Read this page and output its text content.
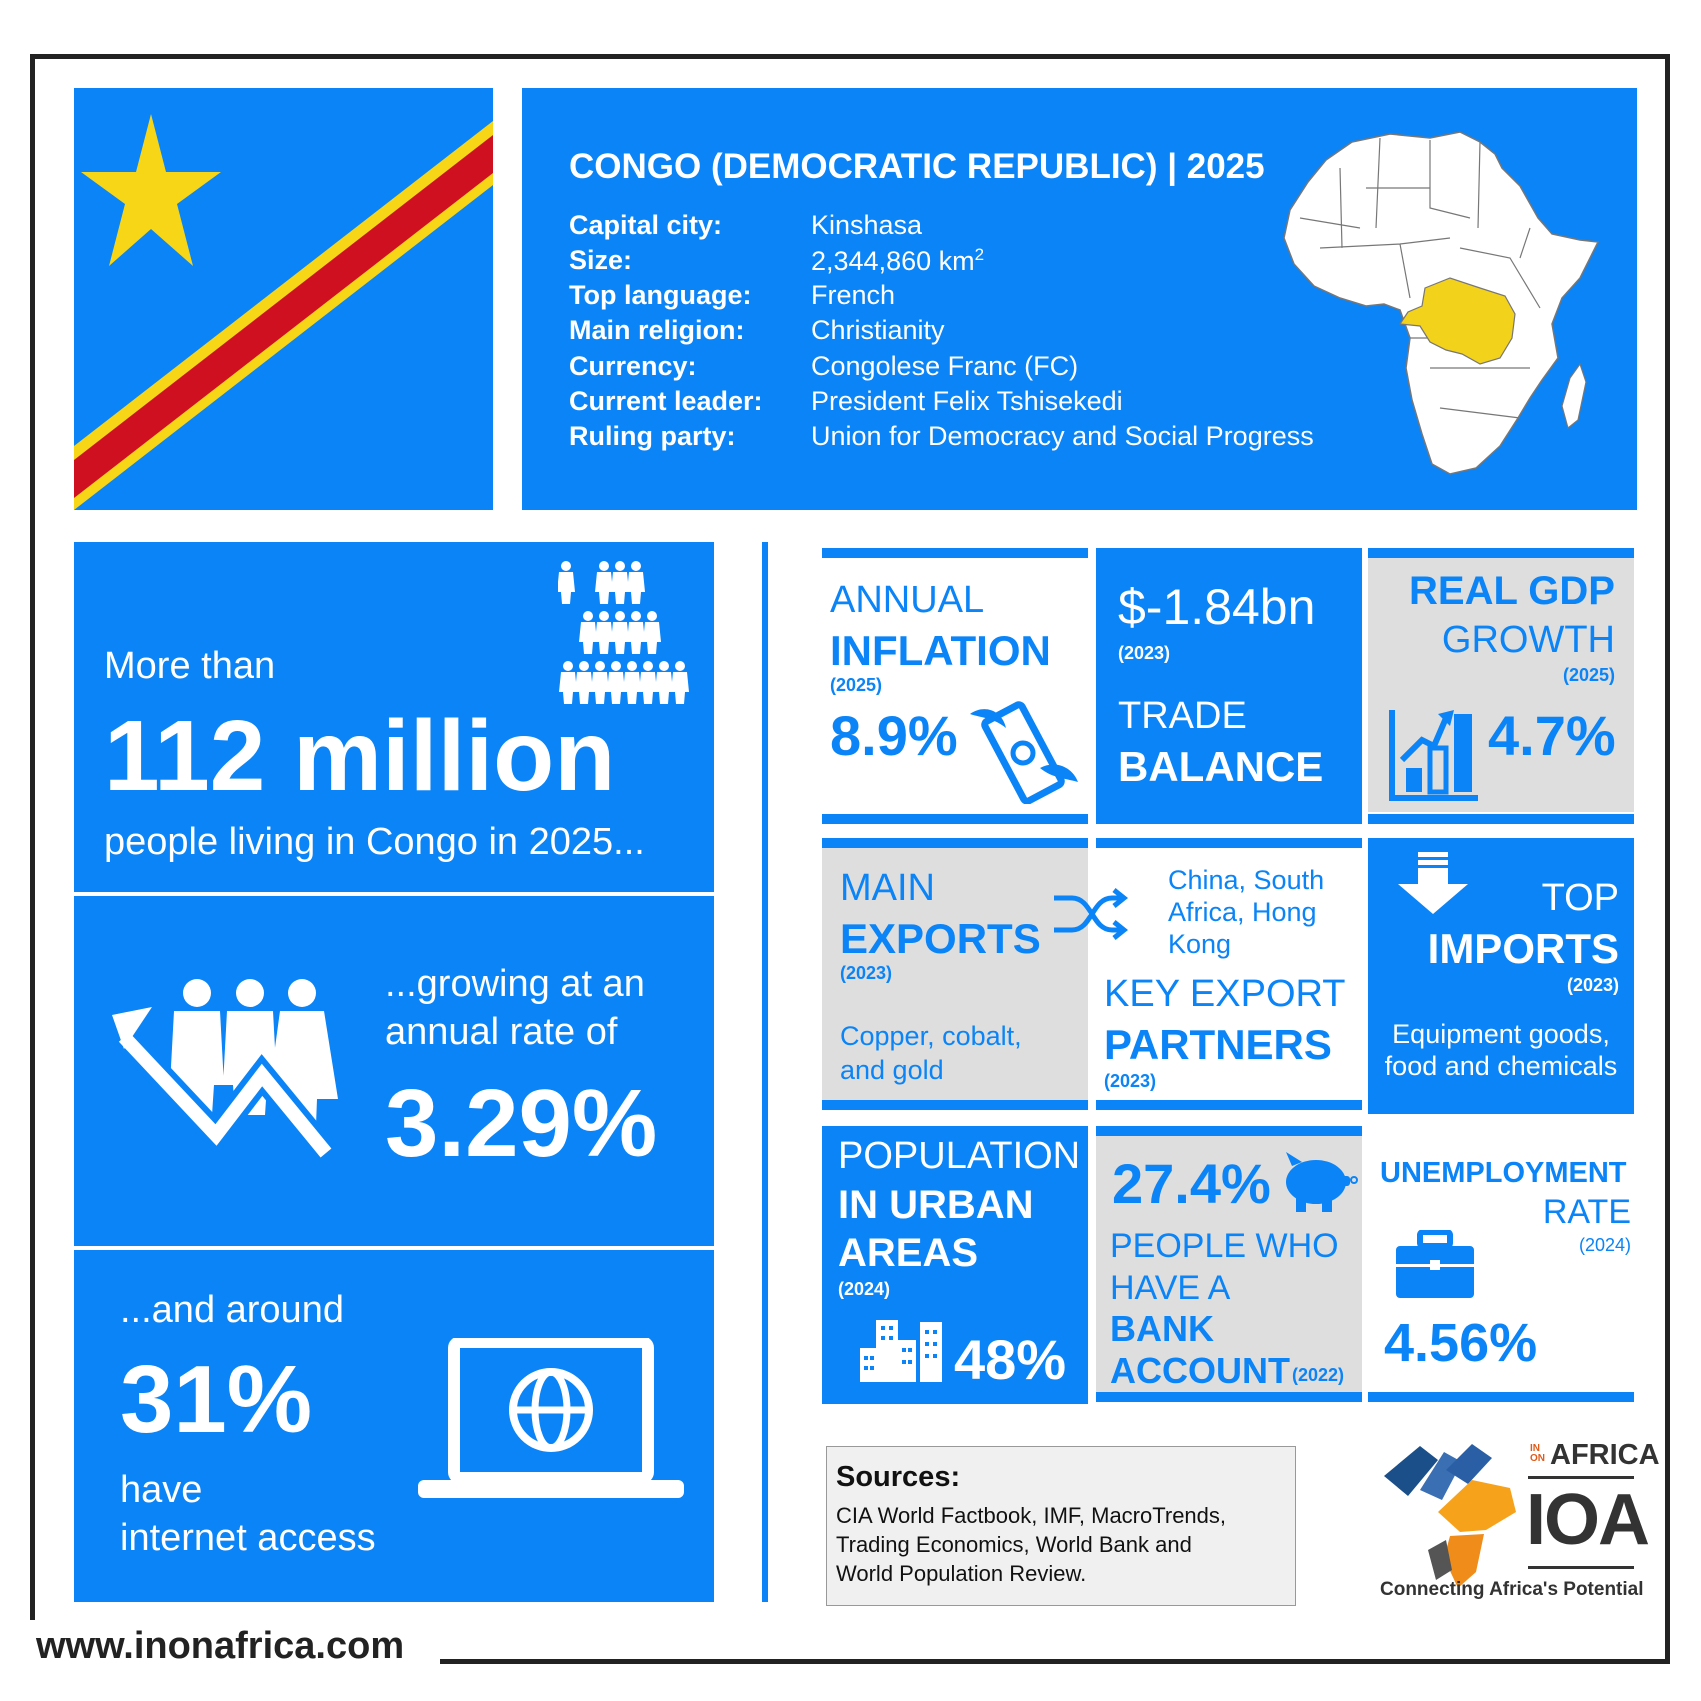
CONGO (DEMOCRATIC REPUBLIC) | 2025
Capital city:	Kinshasa
Size:	2,344,860 $km^2$
Top language: French
Main religion: Christianity
Currency:	Congolese Franc (FC)
Current leader: President Felix Tshisekedi
Ruling party:	Union for Democracy and Social Progress
More than
112 million
people living in Congo in 2025...
...growing at an
annual rate of
3.29%
...and around
31%
have
internet access
ANNUAL
INFLATION
(2025)
8.9%
$-1.84bn
(2023)
TRADE
BALANCE
REAL GDP
GROWTH
(2025)
4.7%
MAIN
EXPORTS
(2023)
Copper, cobalt,
and gold
China, South
Africa, Hong
Kong
KEY EXPORT
PARTNERS
(2023)
TOP
IMPORTS
(2023)
Equipment goods,
food and chemicals
POPULATION
IN URBAN
AREAS
(2024)
48%
27.4%
PEOPLE WHO
HAVE A
BANK
ACCOUNT (2022)
UNEMPLOYMENT
RATE
(2024)
4.56%
Sources:
CIA World Factbook, IMF, MacroTrends,
Trading Economics, World Bank and
World Population Review.
IN
ON AFRICA
IOA
Connecting Africa's Potential
www.inonafrica.com
